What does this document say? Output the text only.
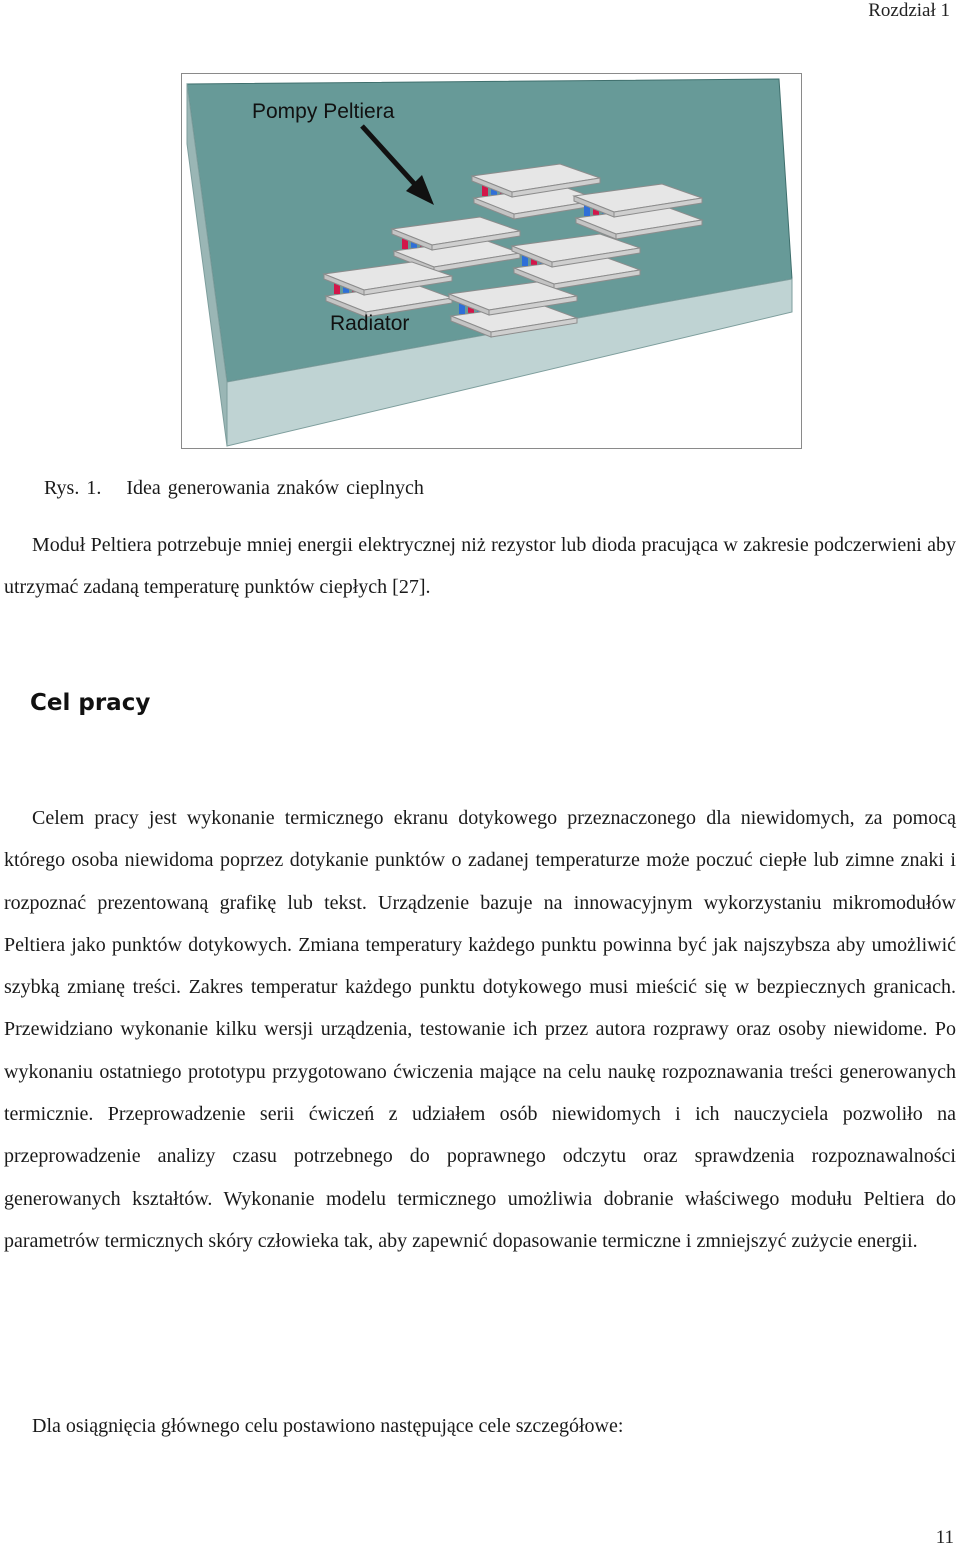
Rozdział 1
Pompy Peltiera
Radiator
Rys. 1. Idea generowania znaków cieplnych

Moduł Peltiera potrzebuje mniej energii elektrycznej niż rezystor lub dioda pracująca w zakresie podczerwieni aby utrzymać zadaną temperaturę punktów ciepłych [27].

Cel pracy

Celem pracy jest wykonanie termicznego ekranu dotykowego przeznaczonego dla niewidomych, za pomocą którego osoba niewidoma poprzez dotykanie punktów o zadanej temperaturze może poczuć ciepłe lub zimne znaki i rozpoznać prezentowaną grafikę lub tekst. Urządzenie bazuje na innowacyjnym wykorzystaniu mikromodułów Peltiera jako punktów dotykowych. Zmiana temperatury każdego punktu powinna być jak najszybsza aby umożliwić szybką zmianę treści. Zakres temperatur każdego punktu dotykowego musi mieścić się w bezpiecznych granicach. Przewidziano wykonanie kilku wersji urządzenia, testowanie ich przez autora rozprawy oraz osoby niewidome. Po wykonaniu ostatniego prototypu przygotowano ćwiczenia mające na celu naukę rozpoznawania treści generowanych termicznie. Przeprowadzenie serii ćwiczeń z udziałem osób niewidomych i ich nauczyciela pozwoliło na przeprowadzenie analizy czasu potrzebnego do poprawnego odczytu oraz sprawdzenia rozpoznawalności generowanych kształtów. Wykonanie modelu termicznego umożliwia dobranie właściwego modułu Peltiera do parametrów termicznych skóry człowieka tak, aby zapewnić dopasowanie termiczne i zmniejszyć zużycie energii.

Dla osiągnięcia głównego celu postawiono następujące cele szczegółowe:

11
